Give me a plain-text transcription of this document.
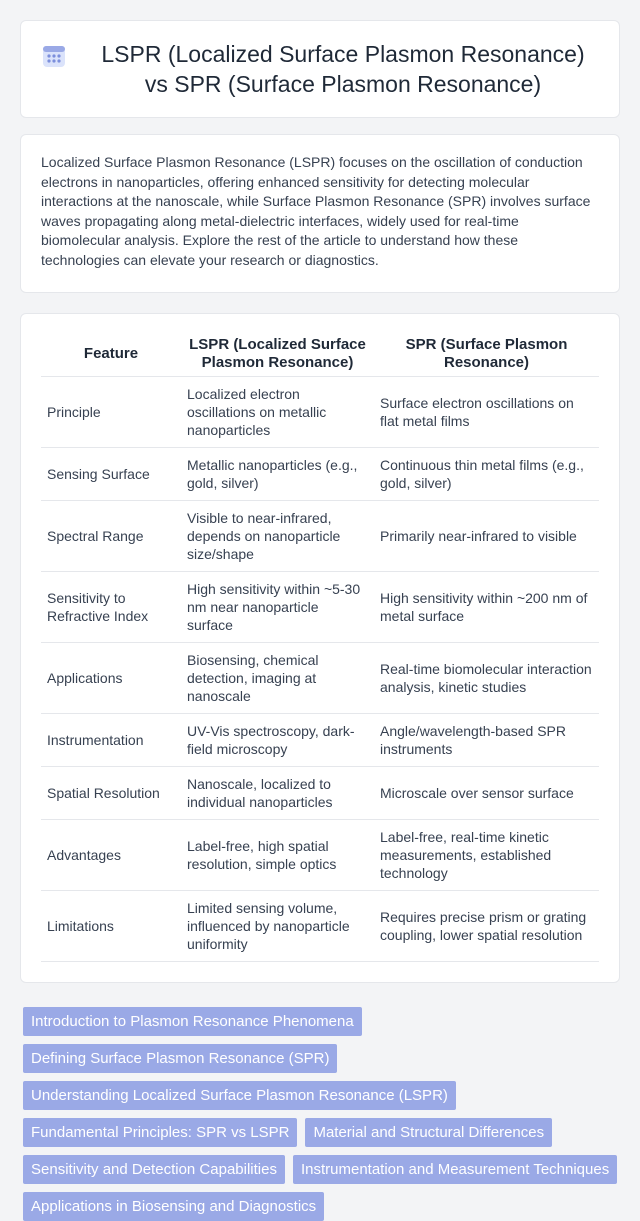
LSPR (Localized Surface Plasmon Resonance) vs SPR (Surface Plasmon Resonance)
Localized Surface Plasmon Resonance (LSPR) focuses on the oscillation of conduction electrons in nanoparticles, offering enhanced sensitivity for detecting molecular interactions at the nanoscale, while Surface Plasmon Resonance (SPR) involves surface waves propagating along metal-dielectric interfaces, widely used for real-time biomolecular analysis. Explore the rest of the article to understand how these technologies can elevate your research or diagnostics.
Feature	LSPR (Localized Surface Plasmon Resonance)	SPR (Surface Plasmon Resonance)
Principle	Localized electron oscillations on metallic nanoparticles	Surface electron oscillations on flat metal films
Sensing Surface	Metallic nanoparticles (e.g., gold, silver)	Continuous thin metal films (e.g., gold, silver)
Spectral Range	Visible to near-infrared, depends on nanoparticle size/shape	Primarily near-infrared to visible
Sensitivity to Refractive Index	High sensitivity within ~5-30 nm near nanoparticle surface	High sensitivity within ~200 nm of metal surface
Applications	Biosensing, chemical detection, imaging at nanoscale	Real-time biomolecular interaction analysis, kinetic studies
Instrumentation	UV-Vis spectroscopy, dark-field microscopy	Angle/wavelength-based SPR instruments
Spatial Resolution	Nanoscale, localized to individual nanoparticles	Microscale over sensor surface
Advantages	Label-free, high spatial resolution, simple optics	Label-free, real-time kinetic measurements, established technology
Limitations	Limited sensing volume, influenced by nanoparticle uniformity	Requires precise prism or grating coupling, lower spatial resolution
Introduction to Plasmon Resonance Phenomena
Defining Surface Plasmon Resonance (SPR)
Understanding Localized Surface Plasmon Resonance (LSPR)
Fundamental Principles: SPR vs LSPR	Material and Structural Differences
Sensitivity and Detection Capabilities	Instrumentation and Measurement Techniques
Applications in Biosensing and Diagnostics
